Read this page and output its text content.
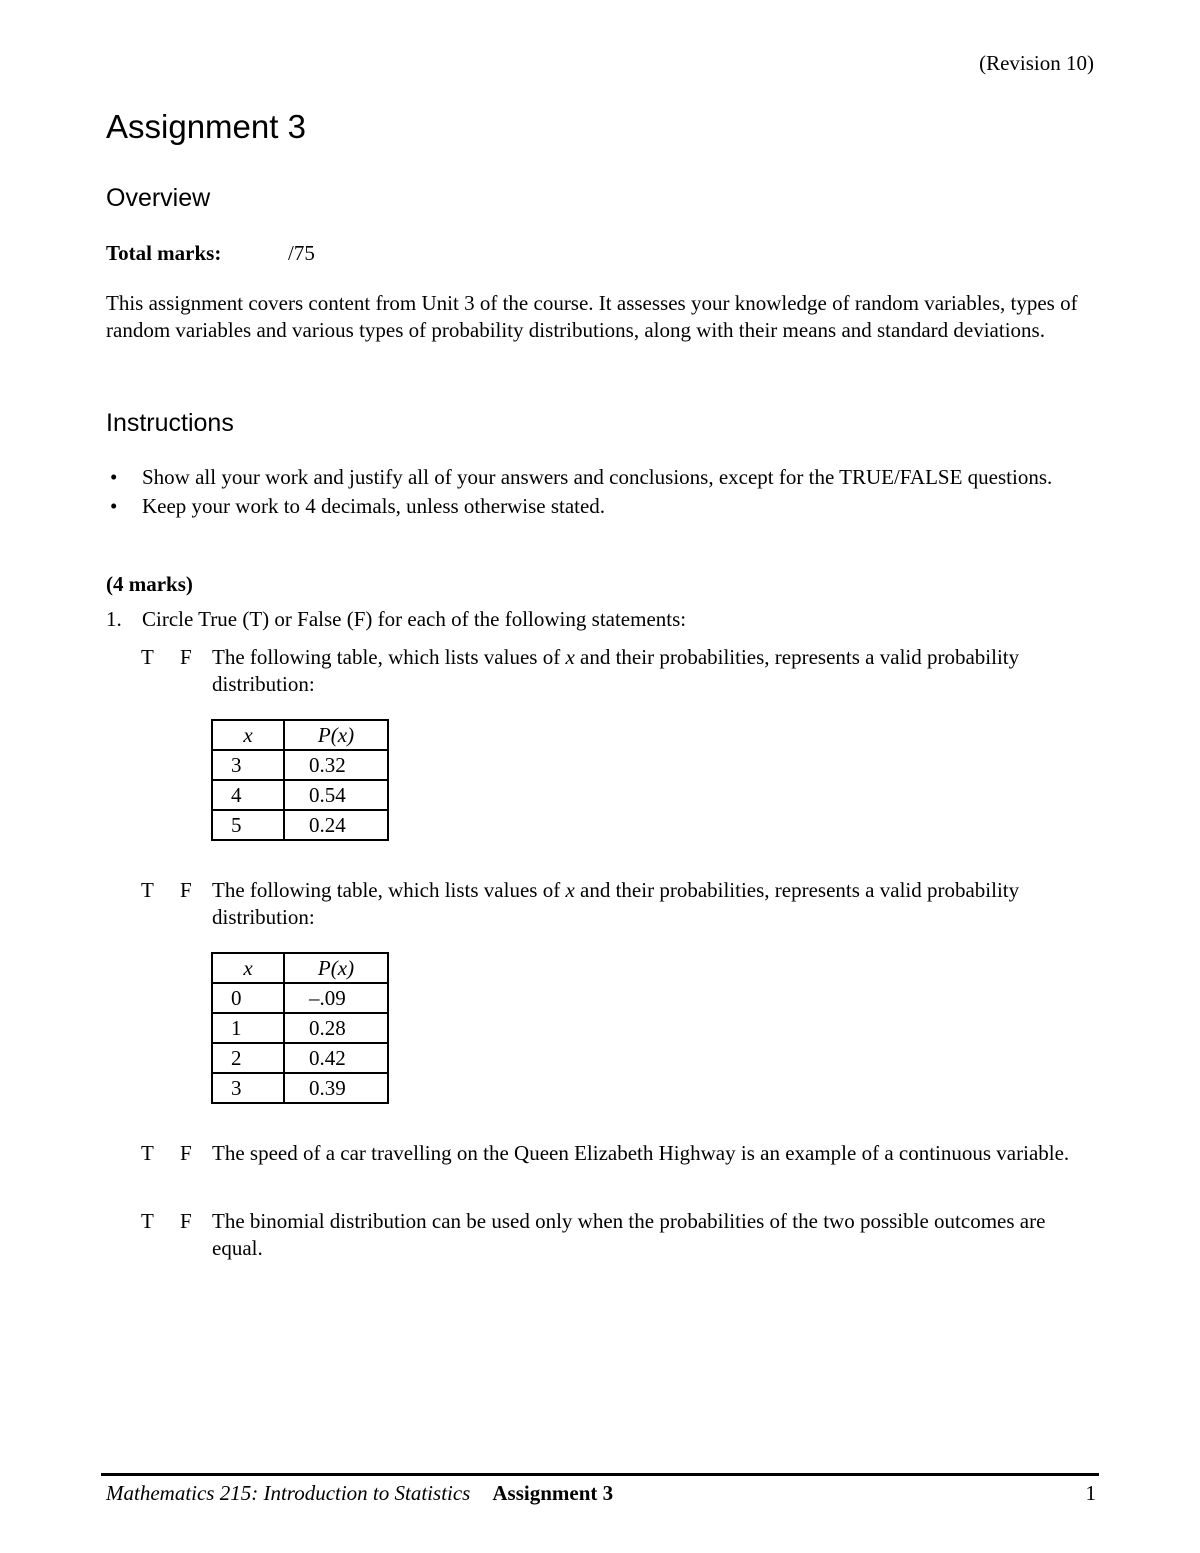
(Revision 10)
Assignment 3
Overview
Total marks:	/75
This assignment covers content from Unit 3 of the course. It assesses your knowledge of random variables, types of random variables and various types of probability distributions, along with their means and standard deviations.
Instructions
• Show all your work and justify all of your answers and conclusions, except for the TRUE/FALSE questions.
• Keep your work to 4 decimals, unless otherwise stated.
(4 marks)
1. Circle True (T) or False (F) for each of the following statements:
T F The following table, which lists values of x and their probabilities, represents a valid probability distribution:
x	P(x)
3	0.32
4	0.54
5	0.24
T F The following table, which lists values of x and their probabilities, represents a valid probability distribution:
x	P(x)
0	–.09
1	0.28
2	0.42
3	0.39
T F The speed of a car travelling on the Queen Elizabeth Highway is an example of a continuous variable.
T F The binomial distribution can be used only when the probabilities of the two possible outcomes are equal.
Mathematics 215: Introduction to Statistics Assignment 3	1
